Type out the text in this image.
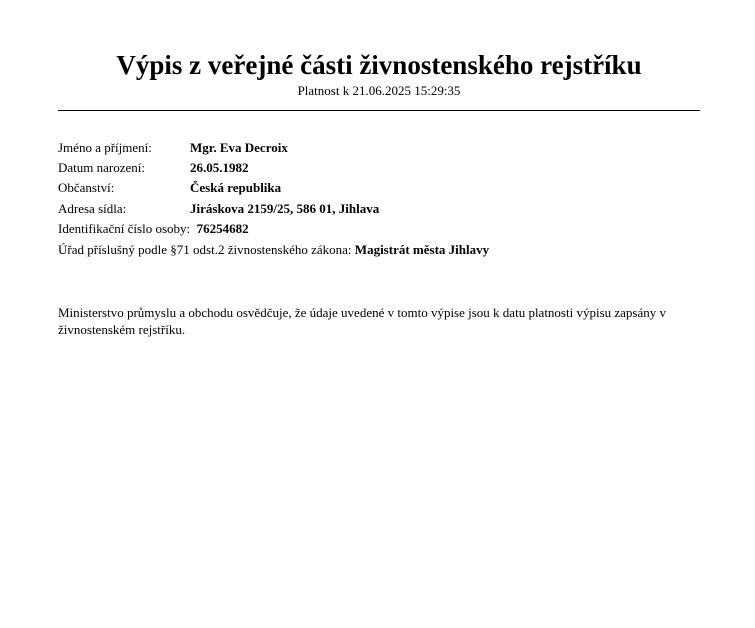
Výpis z veřejné části živnostenského rejstříku
Platnost k 21.06.2025 15:29:35
Jméno a příjmení:	Mgr. Eva Decroix
Datum narození:	26.05.1982
Občanství:	Česká republika
Adresa sídla:	Jiráskova 2159/25, 586 01, Jihlava
Identifikační číslo osoby: 76254682
Úřad příslušný podle §71 odst.2 živnostenského zákona: Magistrát města Jihlavy
Ministerstvo průmyslu a obchodu osvědčuje, že údaje uvedené v tomto výpise jsou k datu platnosti výpisu zapsány v živnostenském rejstříku.
